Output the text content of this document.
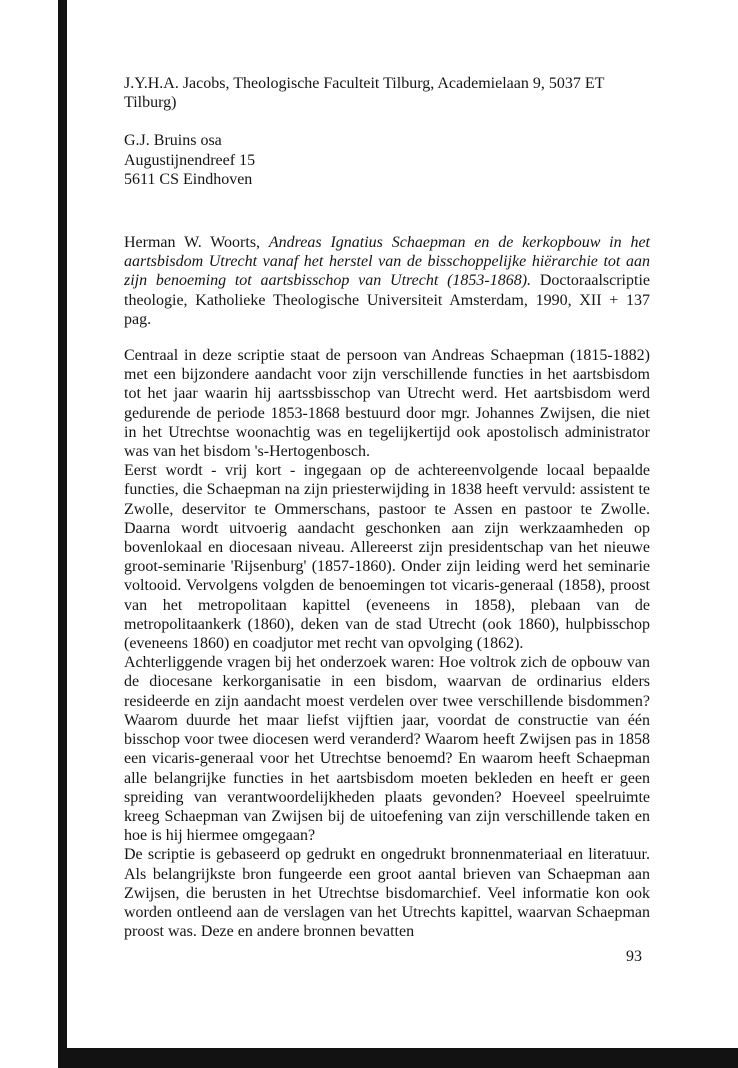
J.Y.H.A. Jacobs, Theologische Faculteit Tilburg, Academielaan 9, 5037 ET Tilburg)

G.J. Bruins osa
Augustijnendreef 15
5611 CS Eindhoven

Herman W. Woorts, Andreas Ignatius Schaepman en de kerkopbouw in het aartsbisdom Utrecht vanaf het herstel van de bisschoppelijke hiërarchie tot aan zijn benoeming tot aartsbisschop van Utrecht (1853-1868). Doctoraalscriptie theologie, Katholieke Theologische Universiteit Amsterdam, 1990, XII + 137 pag.

Centraal in deze scriptie staat de persoon van Andreas Schaepman (1815-1882) met een bijzondere aandacht voor zijn verschillende functies in het aartsbisdom tot het jaar waarin hij aartssbisschop van Utrecht werd. Het aartsbisdom werd gedurende de periode 1853-1868 bestuurd door mgr. Johannes Zwijsen, die niet in het Utrechtse woonachtig was en tegelijkertijd ook apostolisch administrator was van het bisdom 's-Hertogenbosch.
Eerst wordt - vrij kort - ingegaan op de achtereenvolgende locaal bepaalde functies, die Schaepman na zijn priesterwijding in 1838 heeft vervuld: assistent te Zwolle, deservitor te Ommerschans, pastoor te Assen en pastoor te Zwolle. Daarna wordt uitvoerig aandacht geschonken aan zijn werkzaamheden op bovenlokaal en diocesaan niveau. Allereerst zijn presidentschap van het nieuwe groot-seminarie 'Rijsenburg' (1857-1860). Onder zijn leiding werd het seminarie voltooid. Vervolgens volgden de benoemingen tot vicaris-generaal (1858), proost van het metropolitaan kapittel (eveneens in 1858), plebaan van de metropolitaankerk (1860), deken van de stad Utrecht (ook 1860), hulpbisschop (eveneens 1860) en coadjutor met recht van opvolging (1862).
Achterliggende vragen bij het onderzoek waren: Hoe voltrok zich de opbouw van de diocesane kerkorganisatie in een bisdom, waarvan de ordinarius elders resideerde en zijn aandacht moest verdelen over twee verschillende bisdommen? Waarom duurde het maar liefst vijftien jaar, voordat de constructie van één bisschop voor twee diocesen werd veranderd? Waarom heeft Zwijsen pas in 1858 een vicaris-generaal voor het Utrechtse benoemd? En waarom heeft Schaepman alle belangrijke functies in het aartsbisdom moeten bekleden en heeft er geen spreiding van verantwoordelijkheden plaats gevonden? Hoeveel speelruimte kreeg Schaepman van Zwijsen bij de uitoefening van zijn verschillende taken en hoe is hij hiermee omgegaan?
De scriptie is gebaseerd op gedrukt en ongedrukt bronnenmateriaal en literatuur. Als belangrijkste bron fungeerde een groot aantal brieven van Schaepman aan Zwijsen, die berusten in het Utrechtse bisdomarchief. Veel informatie kon ook worden ontleend aan de verslagen van het Utrechts kapittel, waarvan Schaepman proost was. Deze en andere bronnen bevatten
93
